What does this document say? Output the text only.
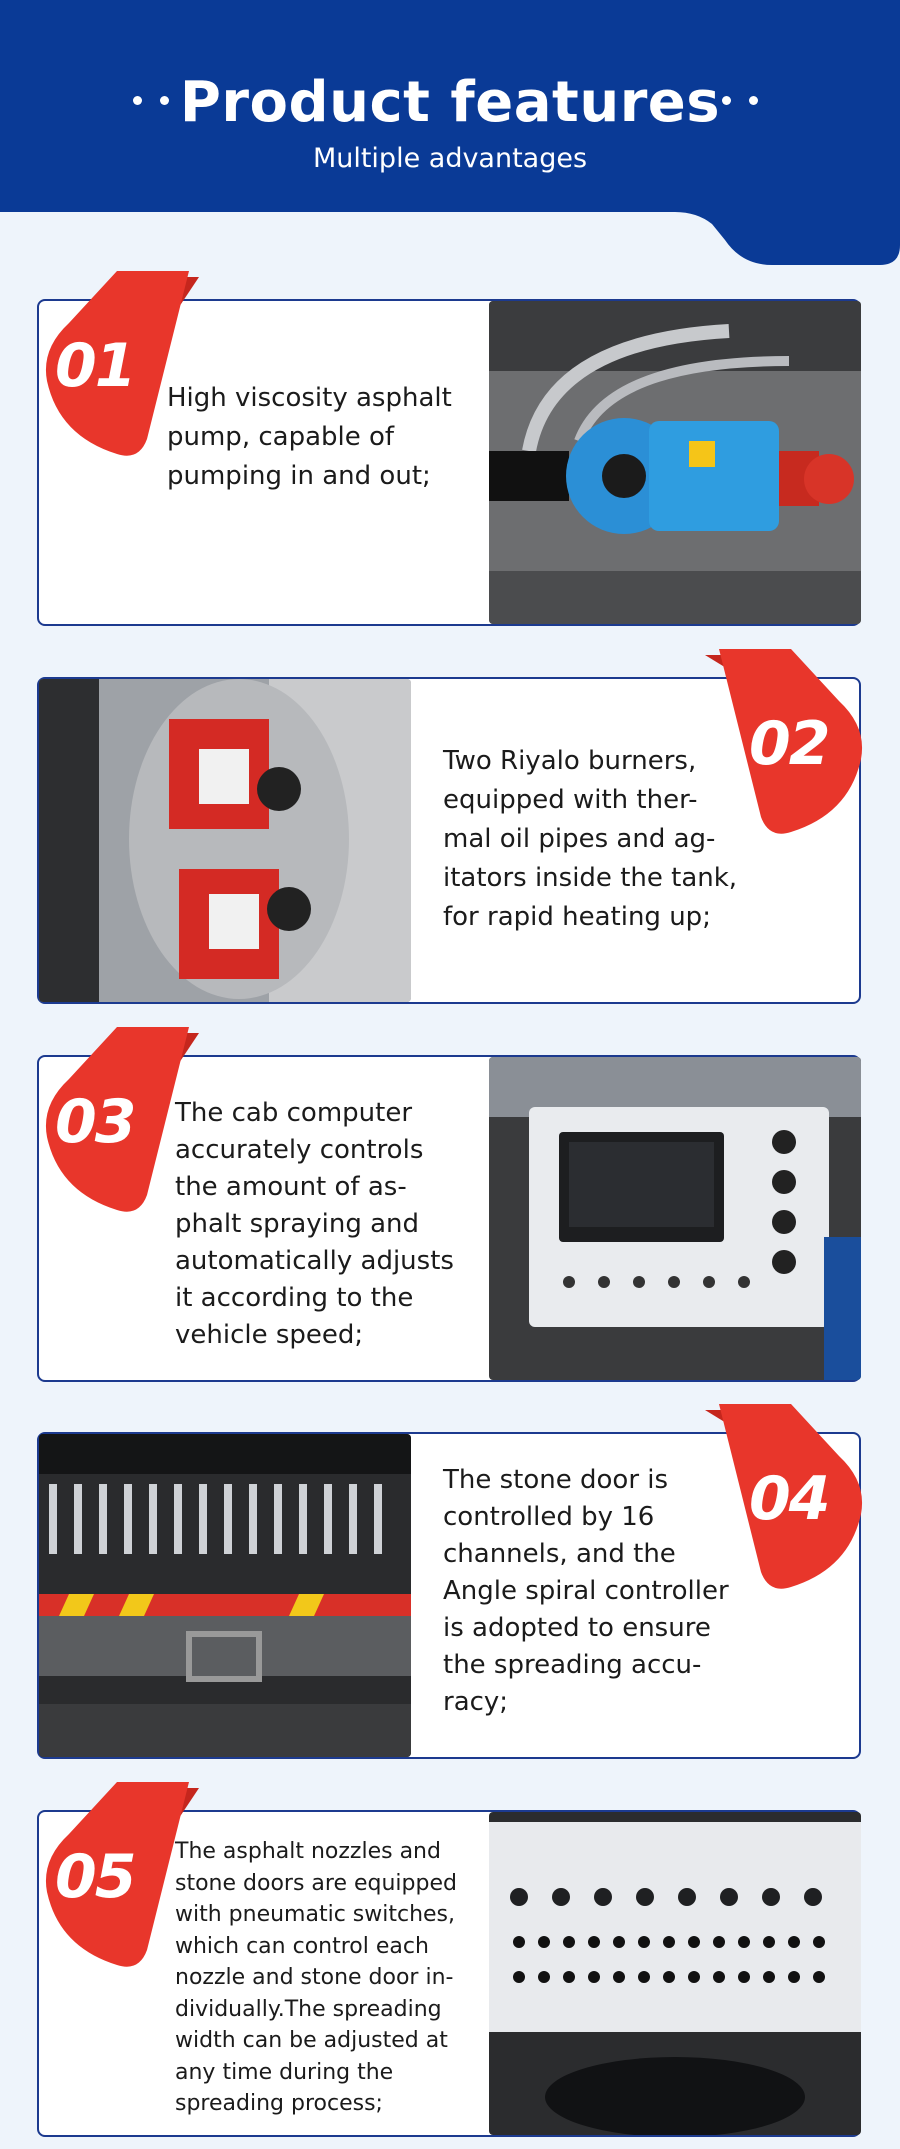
Product features
Multiple advantages
High viscosity asphalt
pump, capable of
pumping in and out;
01
Two Riyalo burners,
equipped with ther-
mal oil pipes and ag-
itators inside the tank,
for rapid heating up;
02
The cab computer
accurately controls
the amount of as-
phalt spraying and
automatically adjusts
it according to the
vehicle speed;
03
The stone door is
controlled by 16
channels, and the
Angle spiral controller
is adopted to ensure
the spreading accu-
racy;
04
The asphalt nozzles and
stone doors are equipped
with pneumatic switches,
which can control each
nozzle and stone door in-
dividually.The spreading
width can be adjusted at
any time during the
spreading process;
05
